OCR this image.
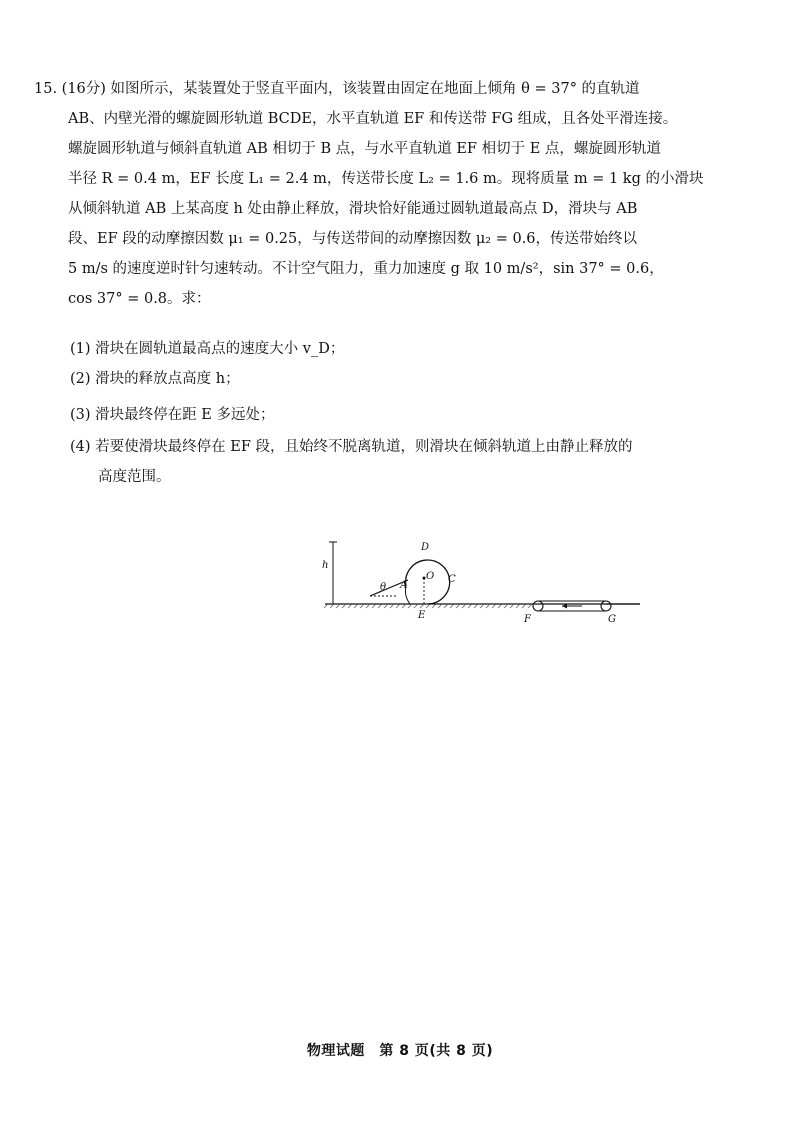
15. (16分) 如图所示，某装置处于竖直平面内，该装置由固定在地面上倾角 θ = 37° 的直轨道
AB、内壁光滑的螺旋圆形轨道 BCDE，水平直轨道 EF 和传送带 FG 组成，且各处平滑连接。
螺旋圆形轨道与倾斜直轨道 AB 相切于 B 点，与水平直轨道 EF 相切于 E 点，螺旋圆形轨道
半径 R = 0.4 m，EF 长度 L₁ = 2.4 m，传送带长度 L₂ = 1.6 m。现将质量 m = 1 kg 的小滑块
从倾斜轨道 AB 上某高度 h 处由静止释放，滑块恰好能通过圆轨道最高点 D，滑块与 AB
段、EF 段的动摩擦因数 μ₁ = 0.25，与传送带间的动摩擦因数 μ₂ = 0.6，传送带始终以
5 m/s 的速度逆时针匀速转动。不计空气阻力，重力加速度 g 取 10 m/s²，sin 37° = 0.6，
cos 37° = 0.8。求：
(1) 滑块在圆轨道最高点的速度大小 v_D；
(2) 滑块的释放点高度 h；
(3) 滑块最终停在距 E 多远处；
(4) 若要使滑块最终停在 EF 段，且始终不脱离轨道，则滑块在倾斜轨道上由静止释放的
高度范围。
h
θ A
D
O C
E	F	G
物理试题　第 8 页(共 8 页)
